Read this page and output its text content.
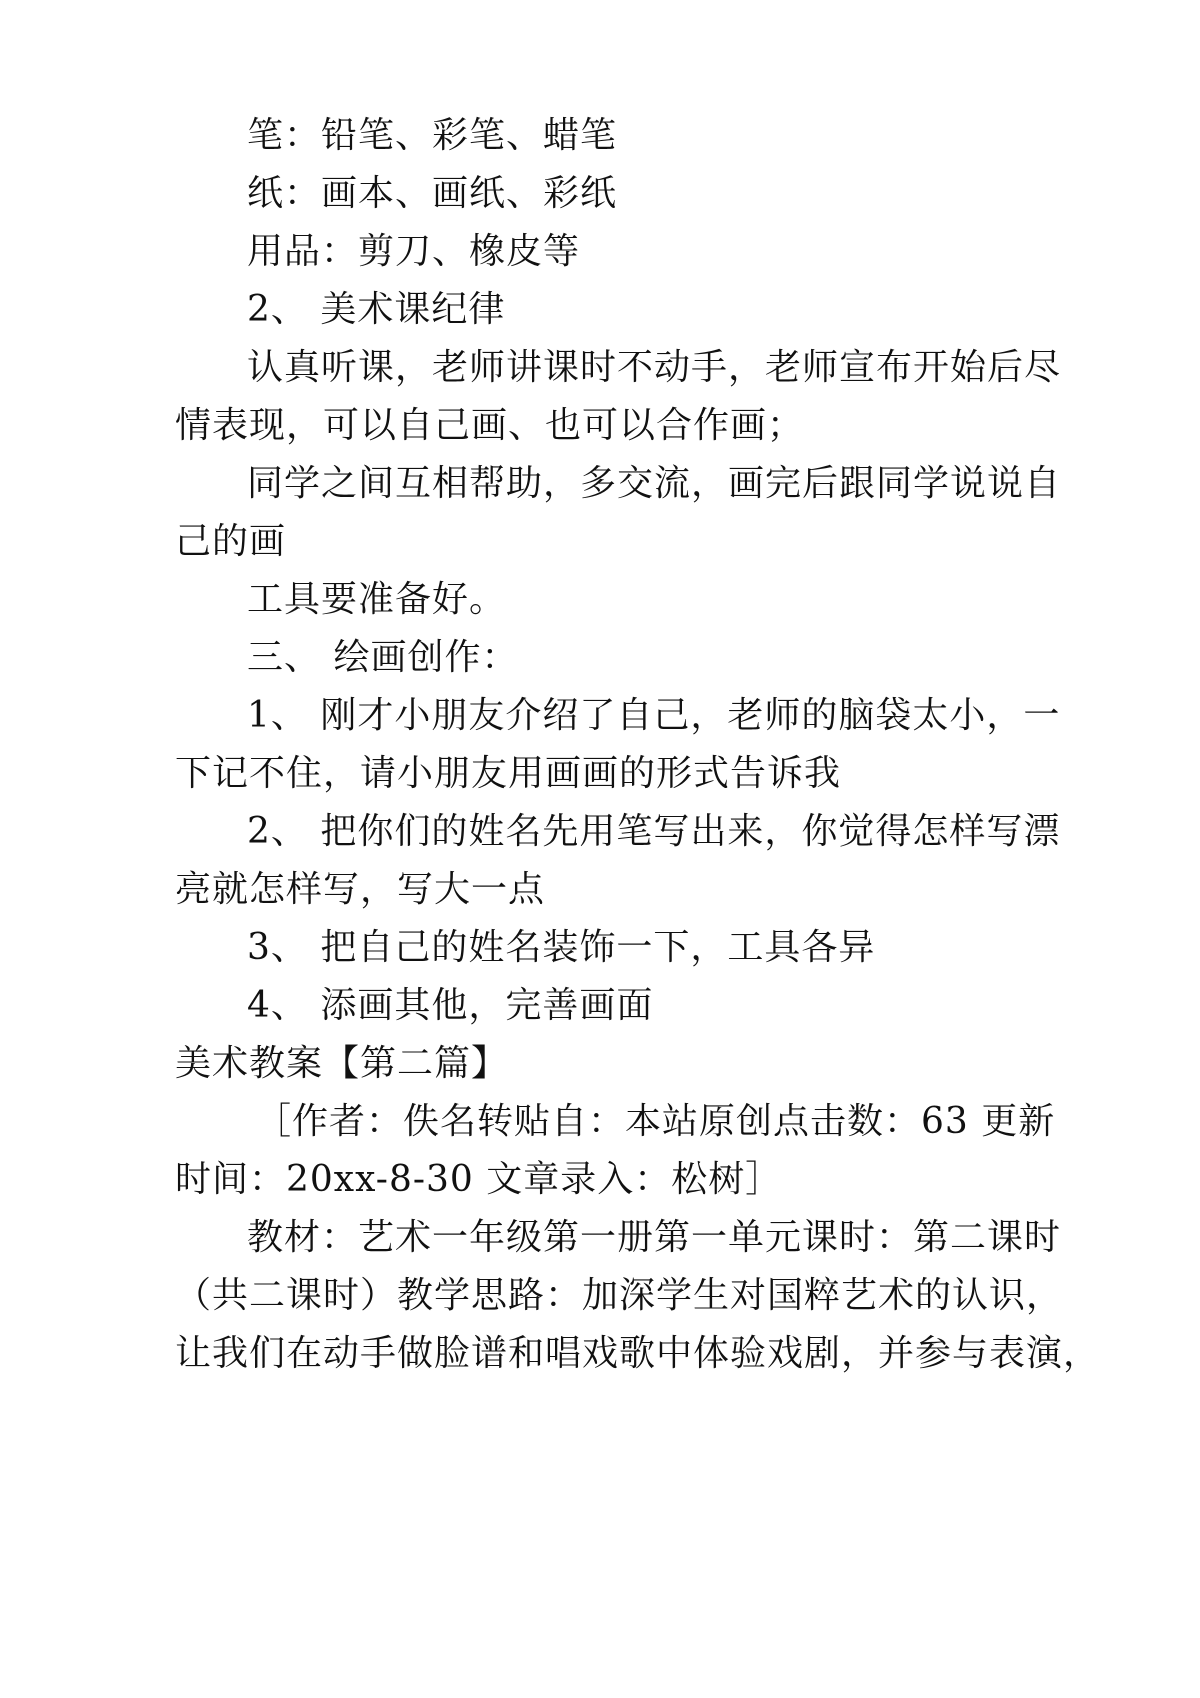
笔：铅笔、彩笔、蜡笔
纸：画本、画纸、彩纸
用品：剪刀、橡皮等
2、 美术课纪律
认真听课，老师讲课时不动手，老师宣布开始后尽
情表现，可以自己画、也可以合作画；
同学之间互相帮助，多交流，画完后跟同学说说自
己的画
工具要准备好。
三、 绘画创作：
1、 刚才小朋友介绍了自己，老师的脑袋太小，一
下记不住，请小朋友用画画的形式告诉我
2、 把你们的姓名先用笔写出来，你觉得怎样写漂
亮就怎样写，写大一点
3、 把自己的姓名装饰一下，工具各异
4、 添画其他，完善画面
美术教案【第二篇】
［作者：佚名转贴自：本站原创点击数：63 更新
时间：20xx-8-30 文章录入：松树］
教材：艺术一年级第一册第一单元课时：第二课时
（共二课时）教学思路：加深学生对国粹艺术的认识，
让我们在动手做脸谱和唱戏歌中体验戏剧，并参与表演，
